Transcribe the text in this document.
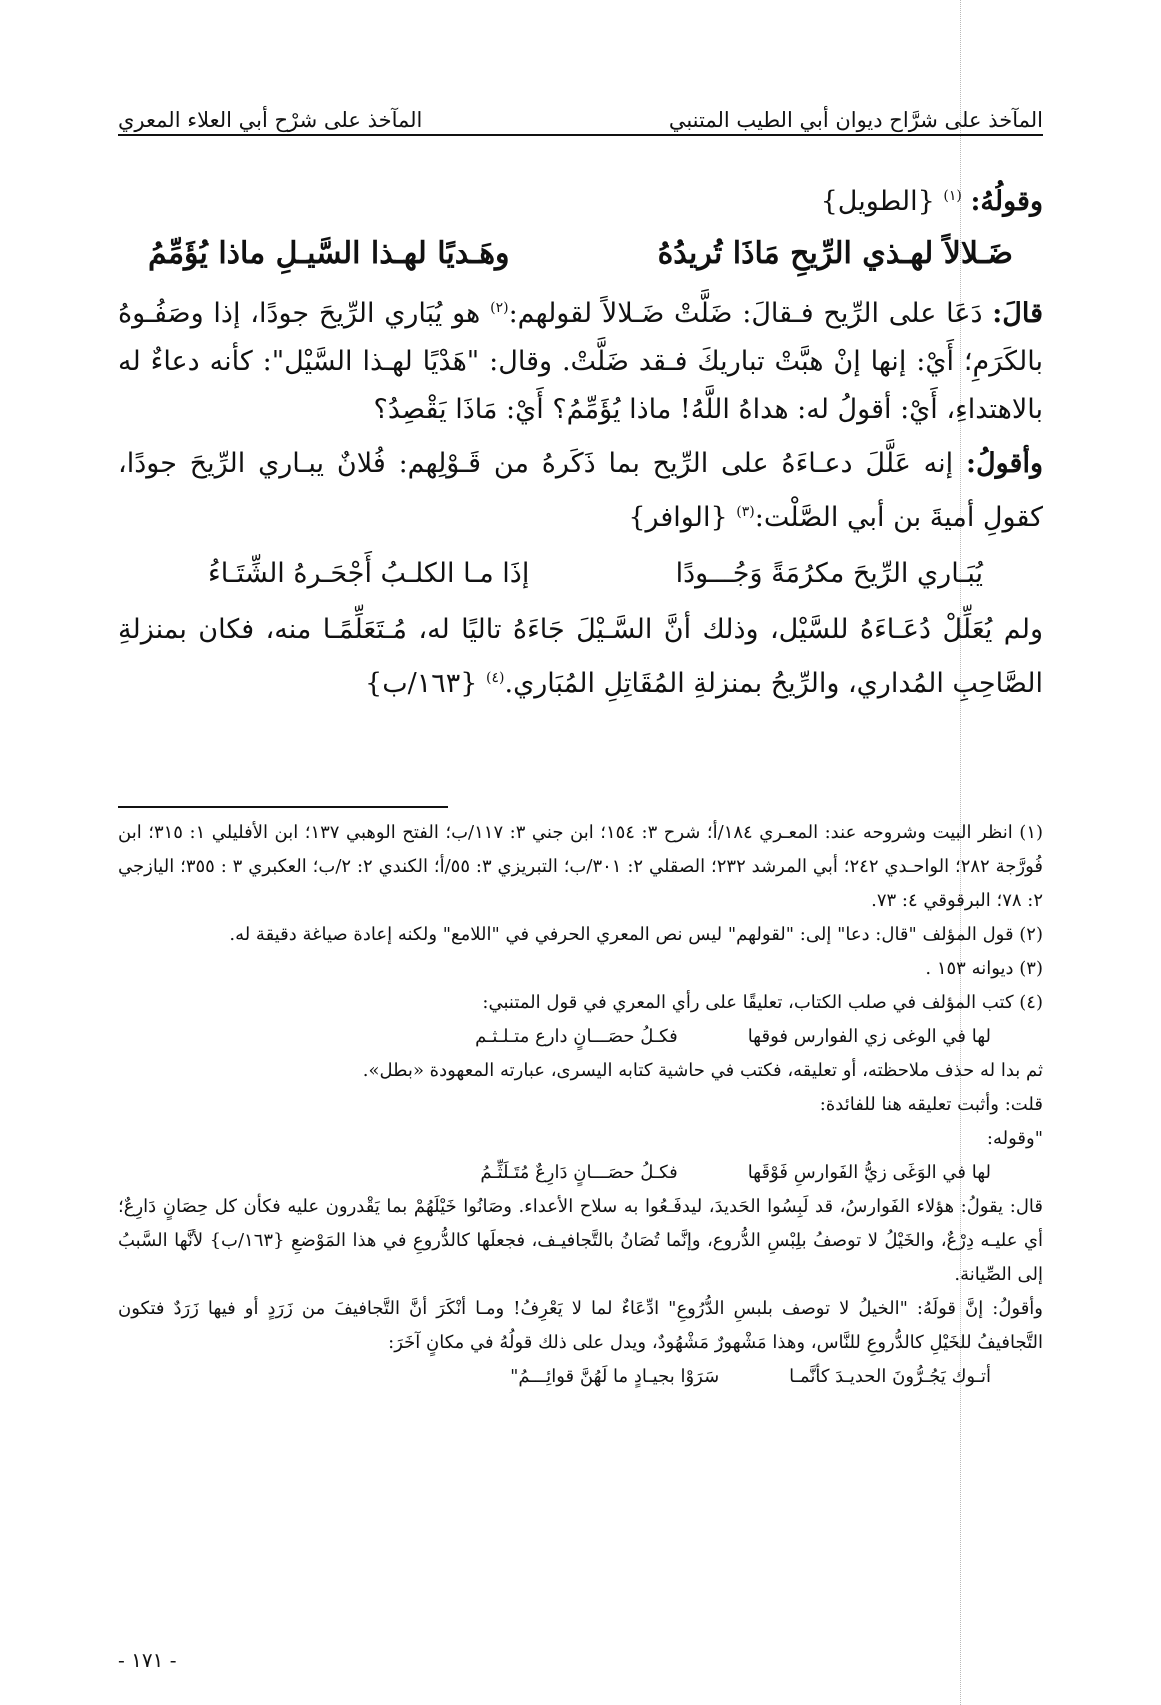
المآخذ على شرَّاح ديوان أبي الطيب المتنبي
المآخذ على شرْح أبي العلاء المعري

وقولُهُ: $^{(١)}$ {الطويل}

ضَـلالاً لهـذي الرِّيحِ مَاذَا تُريدُهُ
وهَـديًا لهـذا السَّيـلِ ماذا يُؤَمِّمُ

قالَ: دَعَا على الرِّيح فـقالَ: ضَلَّتْ ضَـلالاً لقولهم:$^{(٢)}$ هو يُبَاري الرِّيحَ جودًا، إذا وصَفُـوهُ بالكَرَمِ؛ أَيْ: إنها إنْ هبَّتْ تباريكَ فـقد ضَلَّتْ. وقال: "هَدْيًا لهـذا السَّيْل": كأنه دعاءٌ له بالاهتداءِ، أَيْ: أقولُ له: هداهُ اللَّهُ! ماذا يُؤَمِّمُ؟ أَيْ: مَاذَا يَقْصِدُ؟

وأقولُ: إنه عَلَّلَ دعـاءَهُ على الرِّيح بما ذَكَرهُ من قَـوْلِهم: فُلانٌ يبـاري الرِّيحَ جودًا، كقولِ أميةَ بن أبي الصَّلْت:$^{(٣)}$ {الوافر}

يُبَـاري الرِّيحَ مكرُمَةً وَجُـــودًا
إذَا مـا الكلـبُ أَجْحَـرهُ الشِّتَـاءُ

ولم يُعَلِّلْ دُعَـاءَهُ للسَّيْل، وذلك أنَّ السَّـيْلَ جَاءَهُ تاليًا له، مُـتَعَلِّمًـا منه، فكان بمنزلةِ الصَّاحِبِ المُداري، والرِّيحُ بمنزلةِ المُقَاتِلِ المُبَاري.$^{(٤)}$ {١٦٣/ب}

(١) انظر البيت وشروحه عند: المعـري ١٨٤/أ؛ شرح ٣: ١٥٤؛ ابن جني ٣: ١١٧/ب؛ الفتح الوهبي ١٣٧؛ ابن الأفليلي ١: ٣١٥؛ ابن فُورَّجة ٢٨٢؛ الواحـدي ٢٤٢؛ أبي المرشد ٢٣٢؛ الصقلي ٢: ٣٠١/ب؛ التبريزي ٣: ٥٥/أ؛ الكندي ٢: ٢/ب؛ العكبري ٣ : ٣٥٥؛ اليازجي ٢: ٧٨؛ البرقوقي ٤: ٧٣.

(٢) قول المؤلف "قال: دعا" إلى: "لقولهم" ليس نص المعري الحرفي في "اللامع" ولكنه إعادة صياغة دقيقة له.

(٣) ديوانه ١٥٣ .

(٤) كتب المؤلف في صلب الكتاب، تعليقًا على رأي المعري في قول المتنبي:

لها في الوغى زي الفوارس فوقها
فكـلُ حصَـــانٍ دارع متـلـثـم

ثم بدا له حذف ملاحظته، أو تعليقه، فكتب في حاشية كتابه اليسرى، عبارته المعهودة «بطل».

قلت: وأثبت تعليقه هنا للفائدة:

"وقوله:

لها في الوَغَى زيُّ الفَوارسِ فَوْقَها
فكـلُ حصَـــانٍ دَارِعٌ مُتَـلَثِّـمُ

قال: يقولُ: هؤلاء الفَوارسُ، قد لَبِسُوا الحَديدَ، ليدفَـعُوا به سلاح الأعداء. وصَانُوا خَيْلَهُمْ بما يَقْدرون عليه فكأن كل حِصَانٍ دَارِعٌ؛ أي عليـه دِرْعٌ، والخَيْلُ لا توصفُ بلِبْسِ الدُّروع، وإنَّما تُصَانُ بالتَّجافيـف، فجعلَها كالدُّروعِ في هذا المَوْضعِ {١٦٣/ب} لأنَّها السَّببُ إلى الصِّيانة.

وأقولُ: إنَّ قولَهُ: "الخيلُ لا توصف بلبسِ الدُّرُوعِ" ادِّعَاءٌ لما لا يَعْرِفُ! ومـا أنْكَرَ أنَّ التَّجافيفَ من زَرَدٍ أو فيها زَرَدٌ فتكون التَّجافيفُ للخَيْلِ كالدُّروعِ للنَّاس، وهذا مَشْهورٌ مَشْهُودٌ، ويدل على ذلك قولُهُ في مكانٍ آخَرَ:

أتـوك يَجُـرُّونَ الحديـدَ كأنَّمـا
سَرَوْا بجيـادٍ ما لَهُنَّ قوائِـــمُ"
- ١٧١ -
